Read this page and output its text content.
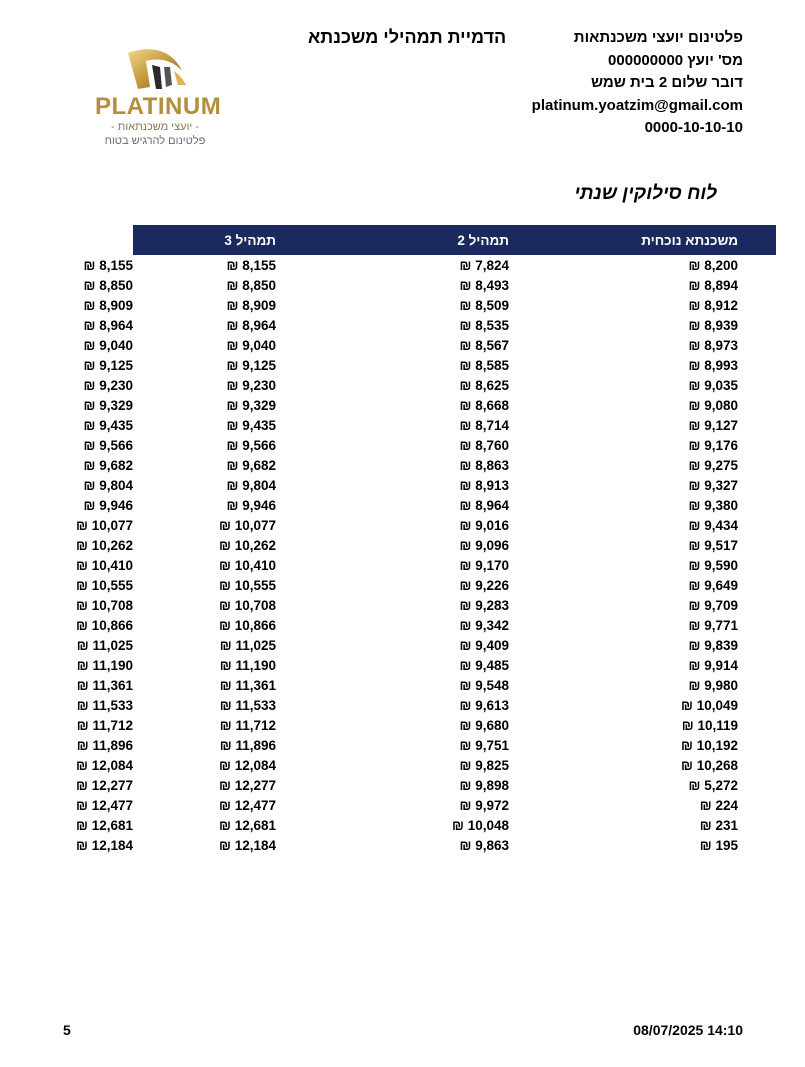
פלטינום יועצי משכנתאות
מס' יועץ 000000000
דובר שלום 2 בית שמש
platinum.yoatzim@gmail.com
0000-10-10-10
הדמיית תמהילי משכנתא
PLATINUM
- יועצי משכנתאות -
פלטינום להרגיש בטוח
לוח סילוקין שנתי
משכנתא נוכחית	תמהיל 2	תמהיל 3	תמהיל 4
8,200 ₪	7,824 ₪	8,155 ₪	8,155 ₪
8,894 ₪	8,493 ₪	8,850 ₪	8,850 ₪
8,912 ₪	8,509 ₪	8,909 ₪	8,909 ₪
8,939 ₪	8,535 ₪	8,964 ₪	8,964 ₪
8,973 ₪	8,567 ₪	9,040 ₪	9,040 ₪
8,993 ₪	8,585 ₪	9,125 ₪	9,125 ₪
9,035 ₪	8,625 ₪	9,230 ₪	9,230 ₪
9,080 ₪	8,668 ₪	9,329 ₪	9,329 ₪
9,127 ₪	8,714 ₪	9,435 ₪	9,435 ₪
9,176 ₪	8,760 ₪	9,566 ₪	9,566 ₪
9,275 ₪	8,863 ₪	9,682 ₪	9,682 ₪
9,327 ₪	8,913 ₪	9,804 ₪	9,804 ₪
9,380 ₪	8,964 ₪	9,946 ₪	9,946 ₪
9,434 ₪	9,016 ₪	10,077 ₪	10,077 ₪
9,517 ₪	9,096 ₪	10,262 ₪	10,262 ₪
9,590 ₪	9,170 ₪	10,410 ₪	10,410 ₪
9,649 ₪	9,226 ₪	10,555 ₪	10,555 ₪
9,709 ₪	9,283 ₪	10,708 ₪	10,708 ₪
9,771 ₪	9,342 ₪	10,866 ₪	10,866 ₪
9,839 ₪	9,409 ₪	11,025 ₪	11,025 ₪
9,914 ₪	9,485 ₪	11,190 ₪	11,190 ₪
9,980 ₪	9,548 ₪	11,361 ₪	11,361 ₪
10,049 ₪	9,613 ₪	11,533 ₪	11,533 ₪
10,119 ₪	9,680 ₪	11,712 ₪	11,712 ₪
10,192 ₪	9,751 ₪	11,896 ₪	11,896 ₪
10,268 ₪	9,825 ₪	12,084 ₪	12,084 ₪
5,272 ₪	9,898 ₪	12,277 ₪	12,277 ₪
224 ₪	9,972 ₪	12,477 ₪	12,477 ₪
231 ₪	10,048 ₪	12,681 ₪	12,681 ₪
195 ₪	9,863 ₪	12,184 ₪	12,184 ₪
5	08/07/2025 14:10
